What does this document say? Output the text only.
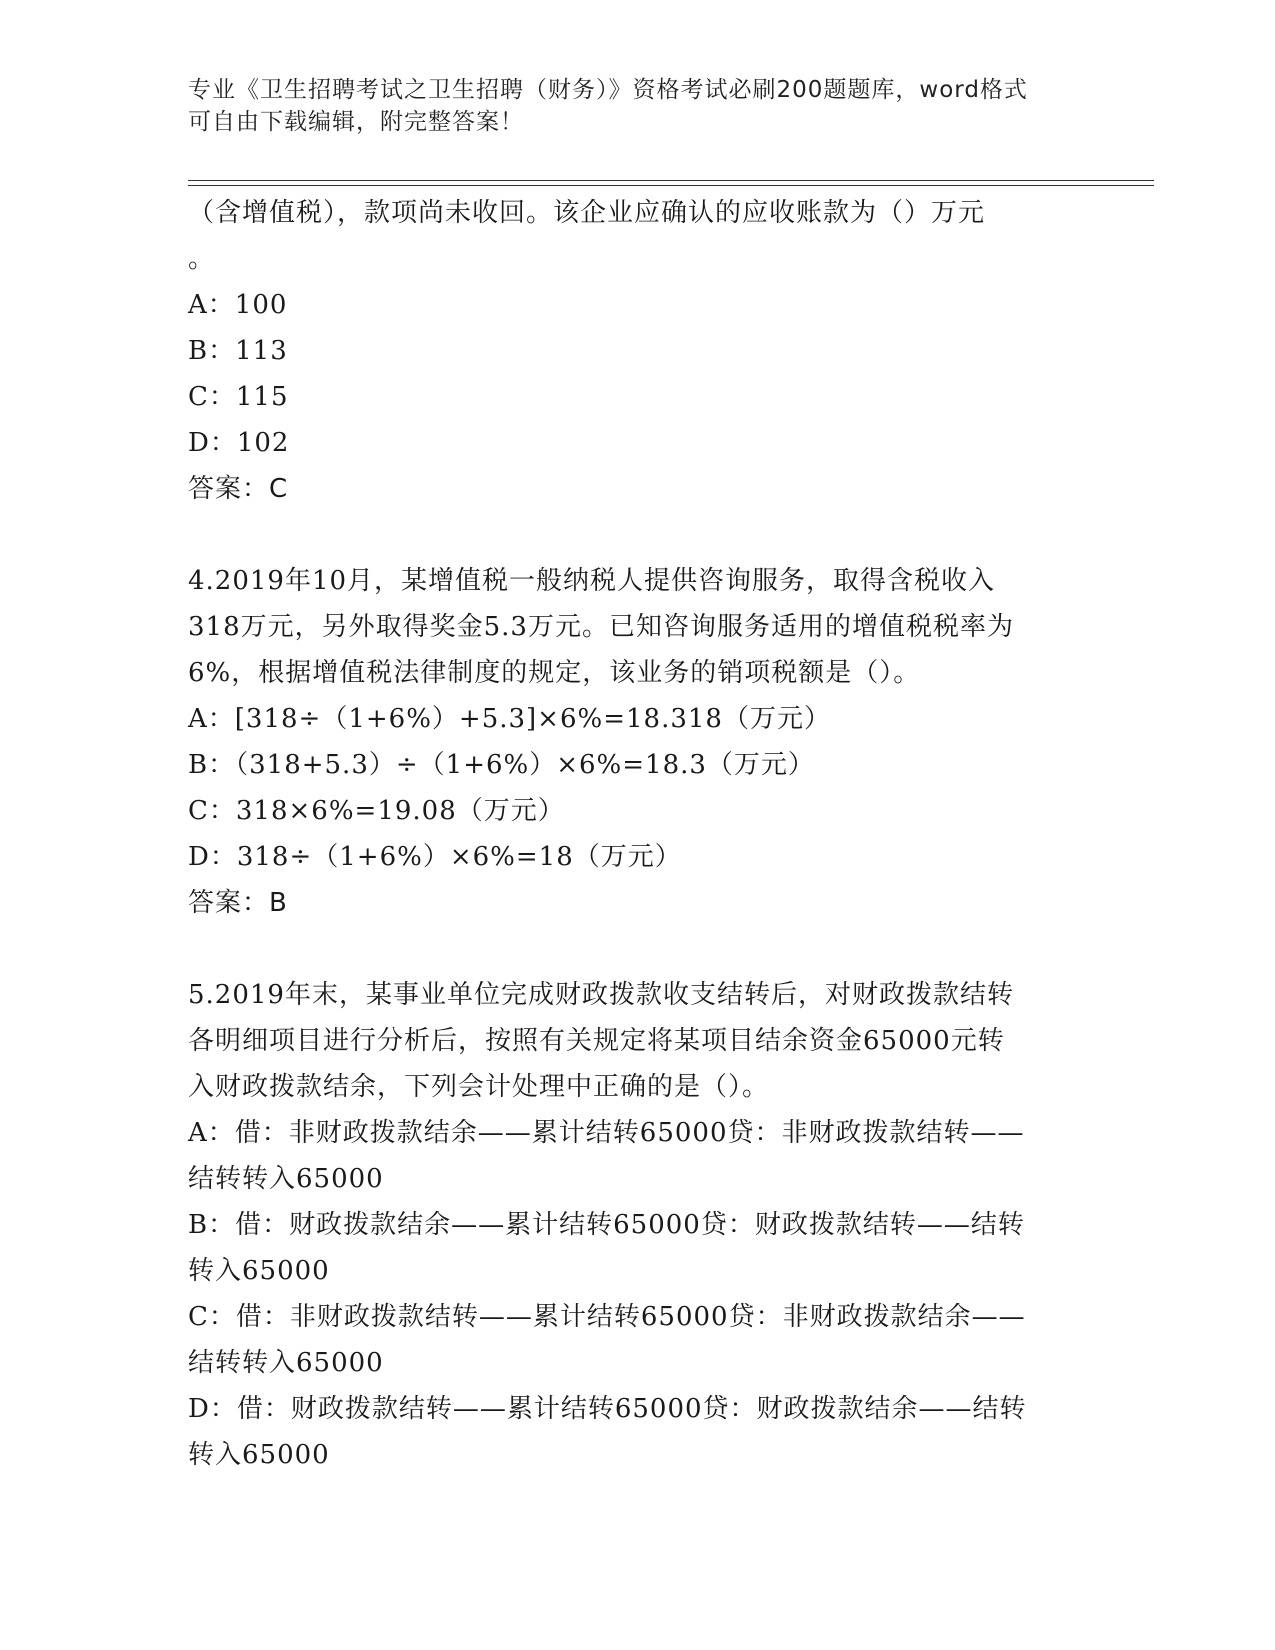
专业《卫生招聘考试之卫生招聘（财务）》资格考试必刷200题题库，word格式
可自由下载编辑，附完整答案！
（含增值税），款项尚未收回。该企业应确认的应收账款为（）万元
。
A：100
B：113
C：115
D：102
答案：C
4.2019年10月，某增值税一般纳税人提供咨询服务，取得含税收入
318万元，另外取得奖金5.3万元。已知咨询服务适用的增值税税率为
6%，根据增值税法律制度的规定，该业务的销项税额是（）。
A：[318÷（1+6%）+5.3]×6%=18.318（万元）
B：（318+5.3）÷（1+6%）×6%=18.3（万元）
C：318×6%=19.08（万元）
D：318÷（1+6%）×6%=18（万元）
答案：B
5.2019年末，某事业单位完成财政拨款收支结转后，对财政拨款结转
各明细项目进行分析后，按照有关规定将某项目结余资金65000元转
入财政拨款结余，下列会计处理中正确的是（）。
A：借：非财政拨款结余——累计结转65000贷：非财政拨款结转——
结转转入65000
B：借：财政拨款结余——累计结转65000贷：财政拨款结转——结转
转入65000
C：借：非财政拨款结转——累计结转65000贷：非财政拨款结余——
结转转入65000
D：借：财政拨款结转——累计结转65000贷：财政拨款结余——结转
转入65000
